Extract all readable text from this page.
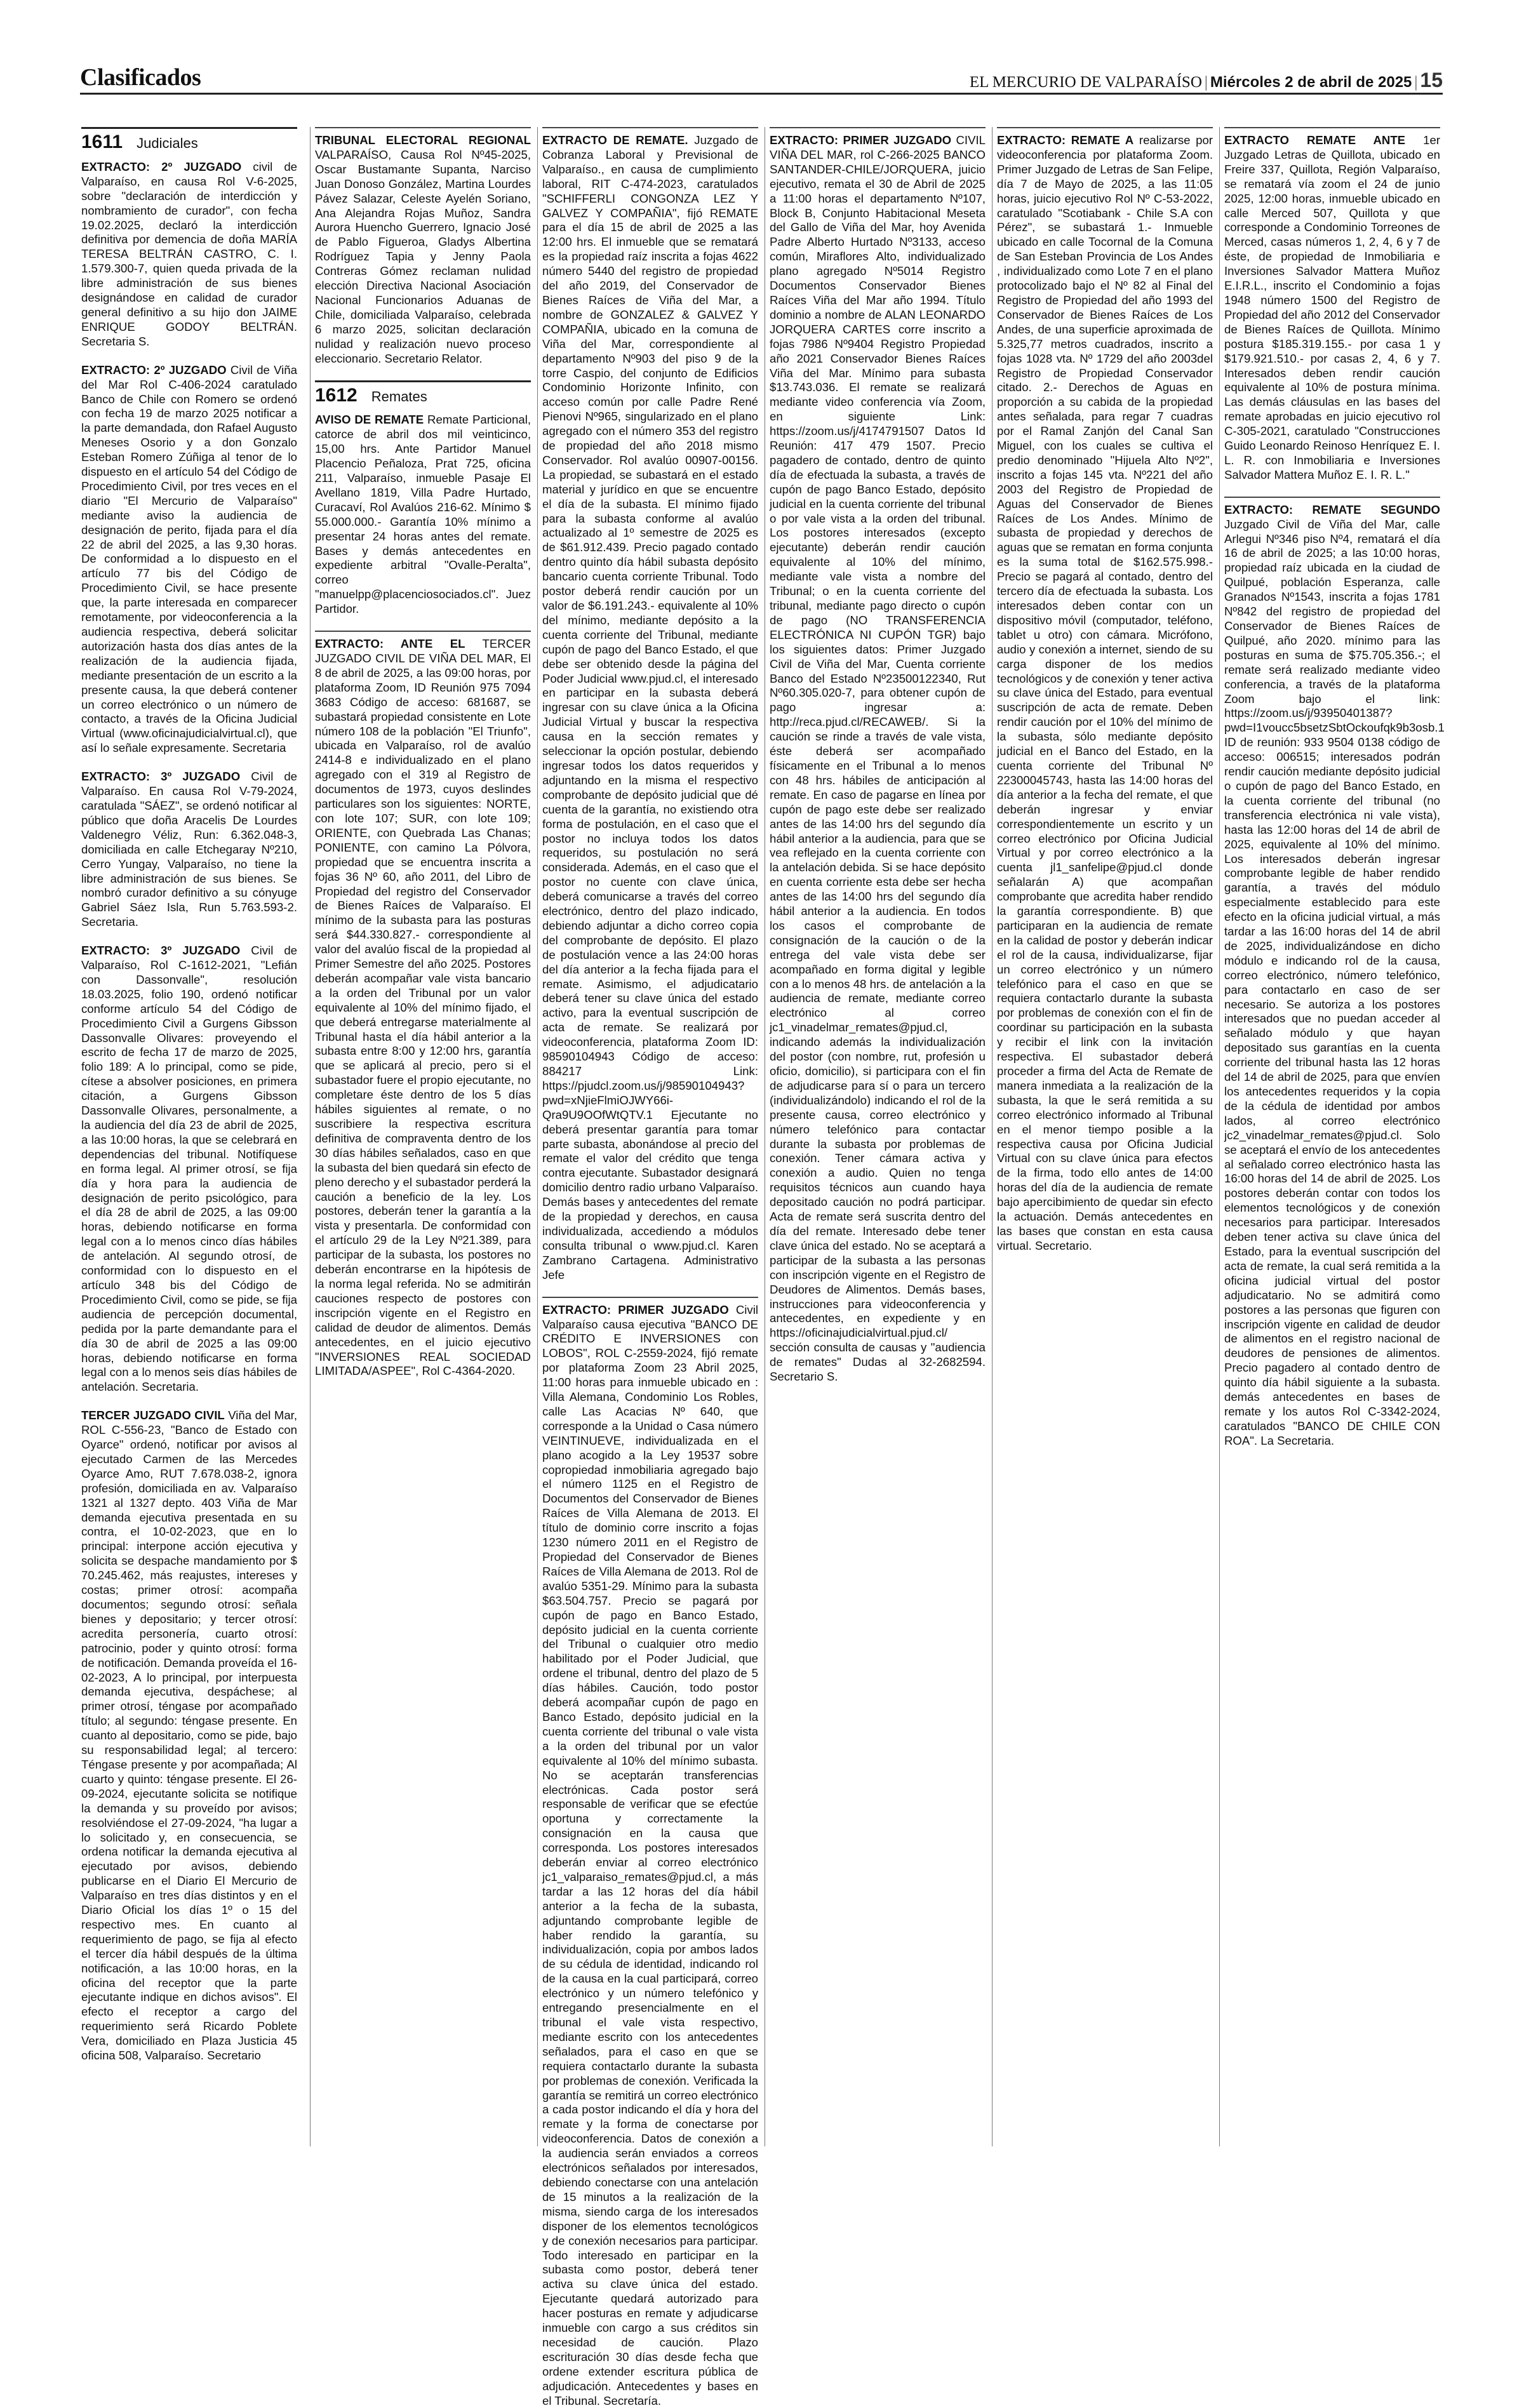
Clasificados	EL MERCURIO DE VALPARAÍSO | Miércoles 2 de abril de 2025 | 15
1611 Judiciales

EXTRACTO: 2º JUZGADO civil de Valparaíso, en causa Rol V-6-2025, sobre "declaración de interdicción y nombramiento de curador", con fecha 19.02.2025, declaró la interdicción definitiva por demencia de doña MARÍA TERESA BELTRÁN CASTRO, C. I. 1.579.300-7, quien queda privada de la libre administración de sus bienes designándose en calidad de curador general definitivo a su hijo don JAIME ENRIQUE GODOY BELTRÁN. Secretaria S.

EXTRACTO: 2º JUZGADO Civil de Viña del Mar Rol C-406-2024 caratulado Banco de Chile con Romero se ordenó con fecha 19 de marzo 2025 notificar a la parte demandada, don Rafael Augusto Meneses Osorio y a don Gonzalo Esteban Romero Zúñiga al tenor de lo dispuesto en el artículo 54 del Código de Procedimiento Civil, por tres veces en el diario "El Mercurio de Valparaíso" mediante aviso la audiencia de designación de perito, fijada para el día 22 de abril del 2025, a las 9,30 horas. De conformidad a lo dispuesto en el artículo 77 bis del Código de Procedimiento Civil, se hace presente que, la parte interesada en comparecer remotamente, por videoconferencia a la audiencia respectiva, deberá solicitar autorización hasta dos días antes de la realización de la audiencia fijada, mediante presentación de un escrito a la presente causa, la que deberá contener un correo electrónico o un número de contacto, a través de la Oficina Judicial Virtual (www.oficinajudicialvirtual.cl), que así lo señale expresamente. Secretaria

EXTRACTO: 3º JUZGADO Civil de Valparaíso. En causa Rol V-79-2024, caratulada "SÁEZ", se ordenó notificar al público que doña Aracelis De Lourdes Valdenegro Véliz, Run: 6.362.048-3, domiciliada en calle Etchegaray Nº210, Cerro Yungay, Valparaíso, no tiene la libre administración de sus bienes. Se nombró curador definitivo a su cónyuge Gabriel Sáez Isla, Run 5.763.593-2. Secretaria.

EXTRACTO: 3º JUZGADO Civil de Valparaíso, Rol C-1612-2021, "Lefián con Dassonvalle", resolución 18.03.2025, folio 190, ordenó notificar conforme artículo 54 del Código de Procedimiento Civil a Gurgens Gibsson Dassonvalle Olivares: proveyendo el escrito de fecha 17 de marzo de 2025, folio 189: A lo principal, como se pide, cítese a absolver posiciones, en primera citación, a Gurgens Gibsson Dassonvalle Olivares, personalmente, a la audiencia del día 23 de abril de 2025, a las 10:00 horas, la que se celebrará en dependencias del tribunal. Notifíquese en forma legal. Al primer otrosí, se fija día y hora para la audiencia de designación de perito psicológico, para el día 28 de abril de 2025, a las 09:00 horas, debiendo notificarse en forma legal con a lo menos cinco días hábiles de antelación. Al segundo otrosí, de conformidad con lo dispuesto en el artículo 348 bis del Código de Procedimiento Civil, como se pide, se fija audiencia de percepción documental, pedida por la parte demandante para el día 30 de abril de 2025 a las 09:00 horas, debiendo notificarse en forma legal con a lo menos seis días hábiles de antelación. Secretaria.

TERCER JUZGADO CIVIL Viña del Mar, ROL C-556-23, "Banco de Estado con Oyarce" ordenó, notificar por avisos al ejecutado Carmen de las Mercedes Oyarce Amo, RUT 7.678.038-2, ignora profesión, domiciliada en av. Valparaíso 1321 al 1327 depto. 403 Viña de Mar demanda ejecutiva presentada en su contra, el 10-02-2023, que en lo principal: interpone acción ejecutiva y solicita se despache mandamiento por $ 70.245.462, más reajustes, intereses y costas; primer otrosí: acompaña documentos; segundo otrosí: señala bienes y depositario; y tercer otrosí: acredita personería, cuarto otrosí: patrocinio, poder y quinto otrosí: forma de notificación. Demanda proveída el 16-02-2023, A lo principal, por interpuesta demanda ejecutiva, despáchese; al primer otrosí, téngase por acompañado título; al segundo: téngase presente. En cuanto al depositario, como se pide, bajo su responsabilidad legal; al tercero: Téngase presente y por acompañada; Al cuarto y quinto: téngase presente. El 26-09-2024, ejecutante solicita se notifique la demanda y su proveído por avisos; resolviéndose el 27-09-2024, "ha lugar a lo solicitado y, en consecuencia, se ordena notificar la demanda ejecutiva al ejecutado por avisos, debiendo publicarse en el Diario El Mercurio de Valparaíso en tres días distintos y en el Diario Oficial los días 1º o 15 del respectivo mes. En cuanto al requerimiento de pago, se fija al efecto el tercer día hábil después de la última notificación, a las 10:00 horas, en la oficina del receptor que la parte ejecutante indique en dichos avisos". El efecto el receptor a cargo del requerimiento será Ricardo Poblete Vera, domiciliado en Plaza Justicia 45 oficina 508, Valparaíso. Secretario

TRIBUNAL ELECTORAL REGIONAL VALPARAÍSO, Causa Rol Nº45-2025, Oscar Bustamante Supanta, Narciso Juan Donoso González, Martina Lourdes Pávez Salazar, Celeste Ayelén Soriano, Ana Alejandra Rojas Muñoz, Sandra Aurora Huencho Guerrero, Ignacio José de Pablo Figueroa, Gladys Albertina Rodríguez Tapia y Jenny Paola Contreras Gómez reclaman nulidad elección Directiva Nacional Asociación Nacional Funcionarios Aduanas de Chile, domiciliada Valparaíso, celebrada 6 marzo 2025, solicitan declaración nulidad y realización nuevo proceso eleccionario. Secretario Relator.

1612 Remates

AVISO DE REMATE Remate Particional, catorce de abril dos mil veinticinco, 15,00 hrs. Ante Partidor Manuel Placencio Peñaloza, Prat 725, oficina 211, Valparaíso, inmueble Pasaje El Avellano 1819, Villa Padre Hurtado, Curacaví, Rol Avalúos 216-62. Mínimo $ 55.000.000.- Garantía 10% mínimo a presentar 24 horas antes del remate. Bases y demás antecedentes en expediente arbitral "Ovalle-Peralta", correo "manuelpp@placenciosociados.cl". Juez Partidor.

EXTRACTO: ANTE EL TERCER JUZGADO CIVIL DE VIÑA DEL MAR, El 8 de abril de 2025, a las 09:00 horas, por plataforma Zoom, ID Reunión 975 7094 3683 Código de acceso: 681687, se subastará propiedad consistente en Lote número 108 de la población "El Triunfo", ubicada en Valparaíso, rol de avalúo 2414-8 e individualizado en el plano agregado con el 319 al Registro de documentos de 1973, cuyos deslindes particulares son los siguientes: NORTE, con lote 107; SUR, con lote 109; ORIENTE, con Quebrada Las Chanas; PONIENTE, con camino La Pólvora, propiedad que se encuentra inscrita a fojas 36 Nº 60, año 2011, del Libro de Propiedad del registro del Conservador de Bienes Raíces de Valparaíso. El mínimo de la subasta para las posturas será $44.330.827.- correspondiente al valor del avalúo fiscal de la propiedad al Primer Semestre del año 2025. Postores deberán acompañar vale vista bancario a la orden del Tribunal por un valor equivalente al 10% del mínimo fijado, el que deberá entregarse materialmente al Tribunal hasta el día hábil anterior a la subasta entre 8:00 y 12:00 hrs, garantía que se aplicará al precio, pero si el subastador fuere el propio ejecutante, no completare éste dentro de los 5 días hábiles siguientes al remate, o no suscribiere la respectiva escritura definitiva de compraventa dentro de los 30 días hábiles señalados, caso en que la subasta del bien quedará sin efecto de pleno derecho y el subastador perderá la caución a beneficio de la ley. Los postores, deberán tener la garantía a la vista y presentarla. De conformidad con el artículo 29 de la Ley Nº21.389, para participar de la subasta, los postores no deberán encontrarse en la hipótesis de la norma legal referida. No se admitirán cauciones respecto de postores con inscripción vigente en el Registro en calidad de deudor de alimentos. Demás antecedentes, en el juicio ejecutivo "INVERSIONES REAL SOCIEDAD LIMITADA/ASPEE", Rol C-4364-2020.

EXTRACTO DE REMATE. Juzgado de Cobranza Laboral y Previsional de Valparaíso., en causa de cumplimiento laboral, RIT C-474-2023, caratulados "SCHIFFERLI CONGONZA LEZ Y GALVEZ Y COMPAÑIA", fijó REMATE para el día 15 de abril de 2025 a las 12:00 hrs. El inmueble que se rematará es la propiedad raíz inscrita a fojas 4622 número 5440 del registro de propiedad del año 2019, del Conservador de Bienes Raíces de Viña del Mar, a nombre de GONZALEZ & GALVEZ Y COMPAÑIA, ubicado en la comuna de Viña del Mar, correspondiente al departamento Nº903 del piso 9 de la torre Caspio, del conjunto de Edificios Condominio Horizonte Infinito, con acceso común por calle Padre René Pienovi Nº965, singularizado en el plano agregado con el número 353 del registro de propiedad del año 2018 mismo Conservador. Rol avalúo 00907-00156. La propiedad, se subastará en el estado material y jurídico en que se encuentre el día de la subasta. El mínimo fijado para la subasta conforme al avalúo actualizado al 1º semestre de 2025 es de $61.912.439. Precio pagado contado dentro quinto día hábil subasta depósito bancario cuenta corriente Tribunal. Todo postor deberá rendir caución por un valor de $6.191.243.- equivalente al 10% del mínimo, mediante depósito a la cuenta corriente del Tribunal, mediante cupón de pago del Banco Estado, el que debe ser obtenido desde la página del Poder Judicial www.pjud.cl, el interesado en participar en la subasta deberá ingresar con su clave única a la Oficina Judicial Virtual y buscar la respectiva causa en la sección remates y seleccionar la opción postular, debiendo ingresar todos los datos requeridos y adjuntando en la misma el respectivo comprobante de depósito judicial que dé cuenta de la garantía, no existiendo otra forma de postulación, en el caso que el postor no incluya todos los datos requeridos, su postulación no será considerada. Además, en el caso que el postor no cuente con clave única, deberá comunicarse a través del correo electrónico, dentro del plazo indicado, debiendo adjuntar a dicho correo copia del comprobante de depósito. El plazo de postulación vence a las 24:00 horas del día anterior a la fecha fijada para el remate. Asimismo, el adjudicatario deberá tener su clave única del estado activo, para la eventual suscripción de acta de remate. Se realizará por videoconferencia, plataforma Zoom ID: 98590104943 Código de acceso: 884217 Link: https://pjudcl.zoom.us/j/98590104943?pwd=xNjieFlmiOJWY66i-Qra9U9OOfWtQTV.1 Ejecutante no deberá presentar garantía para tomar parte subasta, abonándose al precio del remate el valor del crédito que tenga contra ejecutante. Subastador designará domicilio dentro radio urbano Valparaíso. Demás bases y antecedentes del remate de la propiedad y derechos, en causa individualizada, accediendo a módulos consulta tribunal o www.pjud.cl. Karen Zambrano Cartagena. Administrativo Jefe

EXTRACTO: PRIMER JUZGADO Civil Valparaíso causa ejecutiva "BANCO DE CRÉDITO E INVERSIONES con LOBOS", ROL C-2559-2024, fijó remate por plataforma Zoom 23 Abril 2025, 11:00 horas para inmueble ubicado en : Villa Alemana, Condominio Los Robles, calle Las Acacias Nº 640, que corresponde a la Unidad o Casa número VEINTINUEVE, individualizada en el plano acogido a la Ley 19537 sobre copropiedad inmobiliaria agregado bajo el número 1125 en el Registro de Documentos del Conservador de Bienes Raíces de Villa Alemana de 2013. El título de dominio corre inscrito a fojas 1230 número 2011 en el Registro de Propiedad del Conservador de Bienes Raíces de Villa Alemana de 2013. Rol de avalúo 5351-29. Mínimo para la subasta $63.504.757. Precio se pagará por cupón de pago en Banco Estado, depósito judicial en la cuenta corriente del Tribunal o cualquier otro medio habilitado por el Poder Judicial, que ordene el tribunal, dentro del plazo de 5 días hábiles. Caución, todo postor deberá acompañar cupón de pago en Banco Estado, depósito judicial en la cuenta corriente del tribunal o vale vista a la orden del tribunal por un valor equivalente al 10% del mínimo subasta. No se aceptarán transferencias electrónicas. Cada postor será responsable de verificar que se efectúe oportuna y correctamente la consignación en la causa que corresponda. Los postores interesados deberán enviar al correo electrónico jc1_valparaiso_remates@pjud.cl, a más tardar a las 12 horas del día hábil anterior a la fecha de la subasta, adjuntando comprobante legible de haber rendido la garantía, su individualización, copia por ambos lados de su cédula de identidad, indicando rol de la causa en la cual participará, correo electrónico y un número telefónico y entregando presencialmente en el tribunal el vale vista respectivo, mediante escrito con los antecedentes señalados, para el caso en que se requiera contactarlo durante la subasta por problemas de conexión. Verificada la garantía se remitirá un correo electrónico a cada postor indicando el día y hora del remate y la forma de conectarse por videoconferencia. Datos de conexión a la audiencia serán enviados a correos electrónicos señalados por interesados, debiendo conectarse con una antelación de 15 minutos a la realización de la misma, siendo carga de los interesados disponer de los elementos tecnológicos y de conexión necesarios para participar. Todo interesado en participar en la subasta como postor, deberá tener activa su clave única del estado. Ejecutante quedará autorizado para hacer posturas en remate y adjudicarse inmueble con cargo a sus créditos sin necesidad de caución. Plazo escrituración 30 días desde fecha que ordene extender escritura pública de adjudicación. Antecedentes y bases en el Tribunal. Secretaría.

EXTRACTO: PRIMER JUZGADO CIVIL VIÑA DEL MAR, rol C-266-2025 BANCO SANTANDER-CHILE/JORQUERA, juicio ejecutivo, remata el 30 de Abril de 2025 a 11:00 horas el departamento Nº107, Block B, Conjunto Habitacional Meseta del Gallo de Viña del Mar, hoy Avenida Padre Alberto Hurtado Nº3133, acceso común, Miraflores Alto, individualizado plano agregado Nº5014 Registro Documentos Conservador Bienes Raíces Viña del Mar año 1994. Título dominio a nombre de ALAN LEONARDO JORQUERA CARTES corre inscrito a fojas 7986 Nº9404 Registro Propiedad año 2021 Conservador Bienes Raíces Viña del Mar. Mínimo para subasta $13.743.036. El remate se realizará mediante video conferencia vía Zoom, en siguiente Link: https://zoom.us/j/4174791507 Datos Id Reunión: 417 479 1507. Precio pagadero de contado, dentro de quinto día de efectuada la subasta, a través de cupón de pago Banco Estado, depósito judicial en la cuenta corriente del tribunal o por vale vista a la orden del tribunal. Los postores interesados (excepto ejecutante) deberán rendir caución equivalente al 10% del mínimo, mediante vale vista a nombre del Tribunal; o en la cuenta corriente del tribunal, mediante pago directo o cupón de pago (NO TRANSFERENCIA ELECTRÓNICA NI CUPÓN TGR) bajo los siguientes datos: Primer Juzgado Civil de Viña del Mar, Cuenta corriente Banco del Estado Nº23500122340, Rut Nº60.305.020-7, para obtener cupón de pago ingresar a: http://reca.pjud.cl/RECAWEB/. Si la caución se rinde a través de vale vista, éste deberá ser acompañado físicamente en el Tribunal a lo menos con 48 hrs. hábiles de anticipación al remate. En caso de pagarse en línea por cupón de pago este debe ser realizado antes de las 14:00 hrs del segundo día hábil anterior a la audiencia, para que se vea reflejado en la cuenta corriente con la antelación debida. Si se hace depósito en cuenta corriente esta debe ser hecha antes de las 14:00 hrs del segundo día hábil anterior a la audiencia. En todos los casos el comprobante de consignación de la caución o de la entrega del vale vista debe ser acompañado en forma digital y legible con a lo menos 48 hrs. de antelación a la audiencia de remate, mediante correo electrónico al correo jc1_vinadelmar_remates@pjud.cl, indicando además la individualización del postor (con nombre, rut, profesión u oficio, domicilio), si participara con el fin de adjudicarse para sí o para un tercero (individualizándolo) indicando el rol de la presente causa, correo electrónico y número telefónico para contactar durante la subasta por problemas de conexión. Tener cámara activa y conexión a audio. Quien no tenga requisitos técnicos aun cuando haya depositado caución no podrá participar. Acta de remate será suscrita dentro del día del remate. Interesado debe tener clave única del estado. No se aceptará a participar de la subasta a las personas con inscripción vigente en el Registro de Deudores de Alimentos. Demás bases, instrucciones para videoconferencia y antecedentes, en expediente y en https://oficinajudicialvirtual.pjud.cl/ sección consulta de causas y "audiencia de remates" Dudas al 32-2682594. Secretario S.

EXTRACTO: REMATE A realizarse por videoconferencia por plataforma Zoom. Primer Juzgado de Letras de San Felipe, día 7 de Mayo de 2025, a las 11:05 horas, juicio ejecutivo Rol Nº C-53-2022, caratulado "Scotiabank - Chile S.A con Pérez", se subastará 1.- Inmueble ubicado en calle Tocornal de la Comuna de San Esteban Provincia de Los Andes , individualizado como Lote 7 en el plano protocolizado bajo el Nº 82 al Final del Registro de Propiedad del año 1993 del Conservador de Bienes Raíces de Los Andes, de una superficie aproximada de 5.325,77 metros cuadrados, inscrito a fojas 1028 vta. Nº 1729 del año 2003del Registro de Propiedad Conservador citado. 2.- Derechos de Aguas en proporción a su cabida de la propiedad antes señalada, para regar 7 cuadras por el Ramal Zanjón del Canal San Miguel, con los cuales se cultiva el predio denominado "Hijuela Alto Nº2", inscrito a fojas 145 vta. Nº221 del año 2003 del Registro de Propiedad de Aguas del Conservador de Bienes Raíces de Los Andes. Mínimo de subasta de propiedad y derechos de aguas que se rematan en forma conjunta es la suma total de $162.575.998.- Precio se pagará al contado, dentro del tercero día de efectuada la subasta. Los interesados deben contar con un dispositivo móvil (computador, teléfono, tablet u otro) con cámara. Micrófono, audio y conexión a internet, siendo de su carga disponer de los medios tecnológicos y de conexión y tener activa su clave única del Estado, para eventual suscripción de acta de remate. Deben rendir caución por el 10% del mínimo de la subasta, sólo mediante depósito judicial en el Banco del Estado, en la cuenta corriente del Tribunal Nº 22300045743, hasta las 14:00 horas del día anterior a la fecha del remate, el que deberán ingresar y enviar correspondientemente un escrito y un correo electrónico por Oficina Judicial Virtual y por correo electrónico a la cuenta jl1_sanfelipe@pjud.cl donde señalarán A) que acompañan comprobante que acredita haber rendido la garantía correspondiente. B) que participaran en la audiencia de remate en la calidad de postor y deberán indicar el rol de la causa, individualizarse, fijar un correo electrónico y un número telefónico para el caso en que se requiera contactarlo durante la subasta por problemas de conexión con el fin de coordinar su participación en la subasta y recibir el link con la invitación respectiva. El subastador deberá proceder a firma del Acta de Remate de manera inmediata a la realización de la subasta, la que le será remitida a su correo electrónico informado al Tribunal en el menor tiempo posible a la respectiva causa por Oficina Judicial Virtual con su clave única para efectos de la firma, todo ello antes de 14:00 horas del día de la audiencia de remate bajo apercibimiento de quedar sin efecto la actuación. Demás antecedentes en las bases que constan en esta causa virtual. Secretario.

EXTRACTO REMATE ANTE 1er Juzgado Letras de Quillota, ubicado en Freire 337, Quillota, Región Valparaíso, se rematará vía zoom el 24 de junio 2025, 12:00 horas, inmueble ubicado en calle Merced 507, Quillota y que corresponde a Condominio Torreones de Merced, casas números 1, 2, 4, 6 y 7 de éste, de propiedad de Inmobiliaria e Inversiones Salvador Mattera Muñoz E.I.R.L., inscrito el Condominio a fojas 1948 número 1500 del Registro de Propiedad del año 2012 del Conservador de Bienes Raíces de Quillota. Mínimo postura $185.319.155.- por casa 1 y $179.921.510.- por casas 2, 4, 6 y 7. Interesados deben rendir caución equivalente al 10% de postura mínima. Las demás cláusulas en las bases del remate aprobadas en juicio ejecutivo rol C-305-2021, caratulado "Construcciones Guido Leonardo Reinoso Henríquez E. I. L. R. con Inmobiliaria e Inversiones Salvador Mattera Muñoz E. I. R. L."

EXTRACTO: REMATE SEGUNDO Juzgado Civil de Viña del Mar, calle Arlegui Nº346 piso Nº4, rematará el día 16 de abril de 2025; a las 10:00 horas, propiedad raíz ubicada en la ciudad de Quilpué, población Esperanza, calle Granados Nº1543, inscrita a fojas 1781 Nº842 del registro de propiedad del Conservador de Bienes Raíces de Quilpué, año 2020. mínimo para las posturas en suma de $75.705.356.-; el remate será realizado mediante video conferencia, a través de la plataforma Zoom bajo el link: https://zoom.us/j/93950401387?pwd=I1voucc5bsetzSbtOckoufqk9b3osb.1 ID de reunión: 933 9504 0138 código de acceso: 006515; interesados podrán rendir caución mediante depósito judicial o cupón de pago del Banco Estado, en la cuenta corriente del tribunal (no transferencia electrónica ni vale vista), hasta las 12:00 horas del 14 de abril de 2025, equivalente al 10% del mínimo. Los interesados deberán ingresar comprobante legible de haber rendido garantía, a través del módulo especialmente establecido para este efecto en la oficina judicial virtual, a más tardar a las 16:00 horas del 14 de abril de 2025, individualizándose en dicho módulo e indicando rol de la causa, correo electrónico, número telefónico, para contactarlo en caso de ser necesario. Se autoriza a los postores interesados que no puedan acceder al señalado módulo y que hayan depositado sus garantías en la cuenta corriente del tribunal hasta las 12 horas del 14 de abril de 2025, para que envíen los antecedentes requeridos y la copia de la cédula de identidad por ambos lados, al correo electrónico jc2_vinadelmar_remates@pjud.cl. Solo se aceptará el envío de los antecedentes al señalado correo electrónico hasta las 16:00 horas del 14 de abril de 2025. Los postores deberán contar con todos los elementos tecnológicos y de conexión necesarios para participar. Interesados deben tener activa su clave única del Estado, para la eventual suscripción del acta de remate, la cual será remitida a la oficina judicial virtual del postor adjudicatario. No se admitirá como postores a las personas que figuren con inscripción vigente en calidad de deudor de alimentos en el registro nacional de deudores de pensiones de alimentos. Precio pagadero al contado dentro de quinto día hábil siguiente a la subasta. demás antecedentes en bases de remate y los autos Rol C-3342-2024, caratulados "BANCO DE CHILE CON ROA". La Secretaria.
